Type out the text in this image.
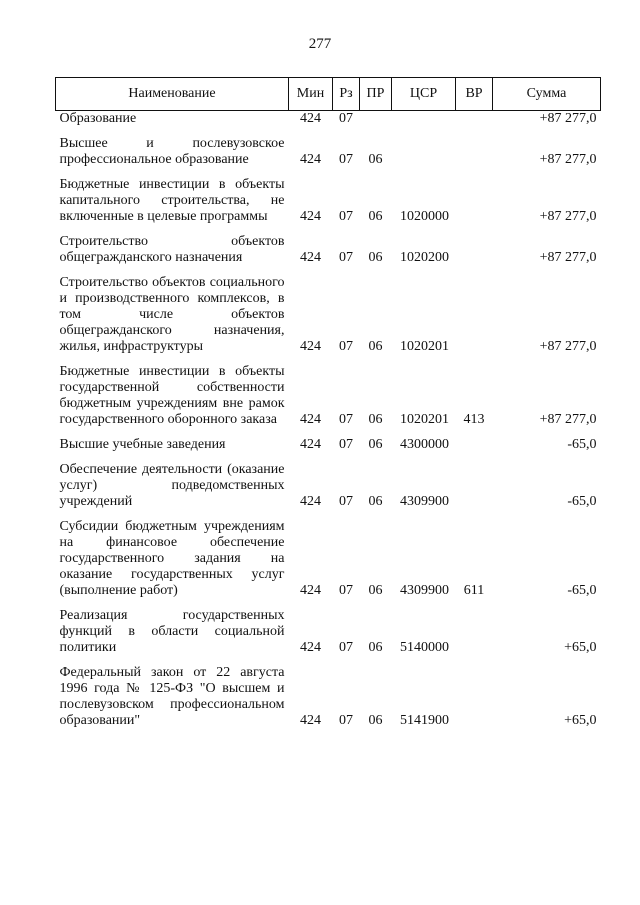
277
Наименование	Мин	Рз	ПР	ЦСР	ВР	Сумма
Образование	424	07				+87 277,0
Высшее и послевузовское профессиональное образование	424	07	06			+87 277,0
Бюджетные инвестиции в объекты капитального строительства, не включенные в целевые программы	424	07	06	1020000		+87 277,0
Строительство объектов общегражданского назначения	424	07	06	1020200		+87 277,0
Строительство объектов социального и производственного комплексов, в том числе объектов общегражданского назначения, жилья, инфраструктуры	424	07	06	1020201		+87 277,0
Бюджетные инвестиции в объекты государственной собственности бюджетным учреждениям вне рамок государственного оборонного заказа	424	07	06	1020201	413	+87 277,0
Высшие учебные заведения	424	07	06	4300000		-65,0
Обеспечение деятельности (оказание услуг) подведомственных учреждений	424	07	06	4309900		-65,0
Субсидии бюджетным учреждениям на финансовое обеспечение государственного задания на оказание государственных услуг (выполнение работ)	424	07	06	4309900	611	-65,0
Реализация государственных функций в области социальной политики	424	07	06	5140000		+65,0
Федеральный закон от 22 августа 1996 года № 125-ФЗ "О высшем и послевузовском профессиональном образовании"	424	07	06	5141900		+65,0
